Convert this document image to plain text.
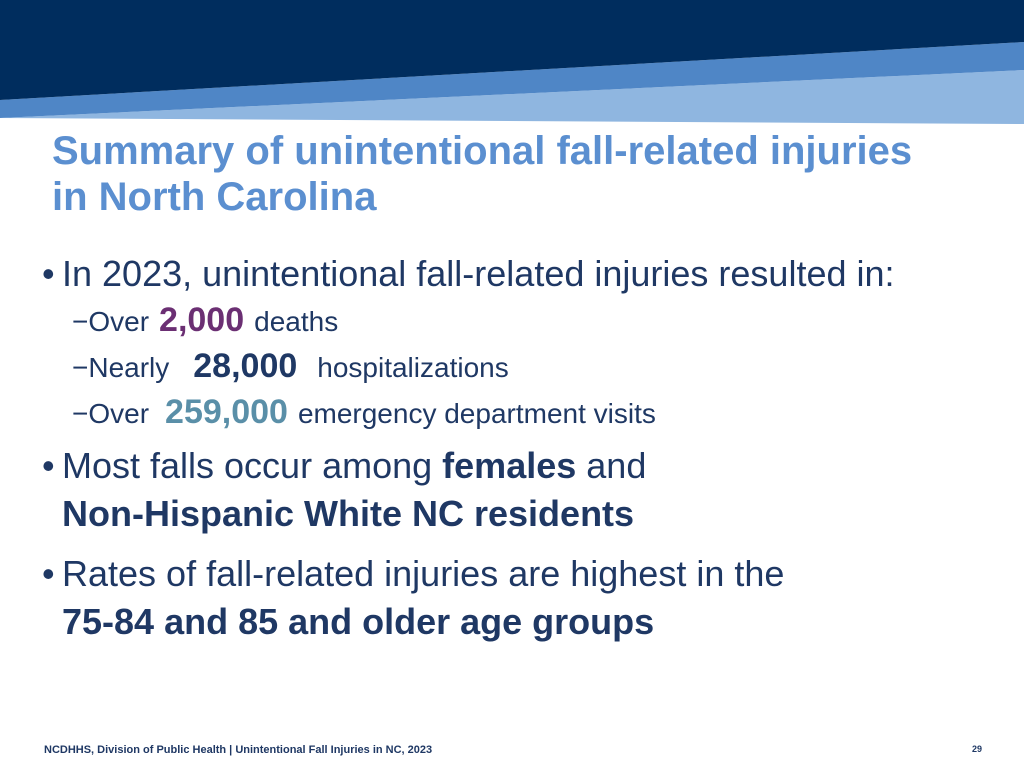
Summary of unintentional fall-related injuries in North Carolina
• In 2023, unintentional fall-related injuries resulted in:
−Over 2,000 deaths
−Nearly 28,000 hospitalizations
−Over 259,000 emergency department visits
• Most falls occur among females and
Non-Hispanic White NC residents
• Rates of fall-related injuries are highest in the
75-84 and 85 and older age groups
NCDHHS, Division of Public Health | Unintentional Fall Injuries in NC, 2023	29
